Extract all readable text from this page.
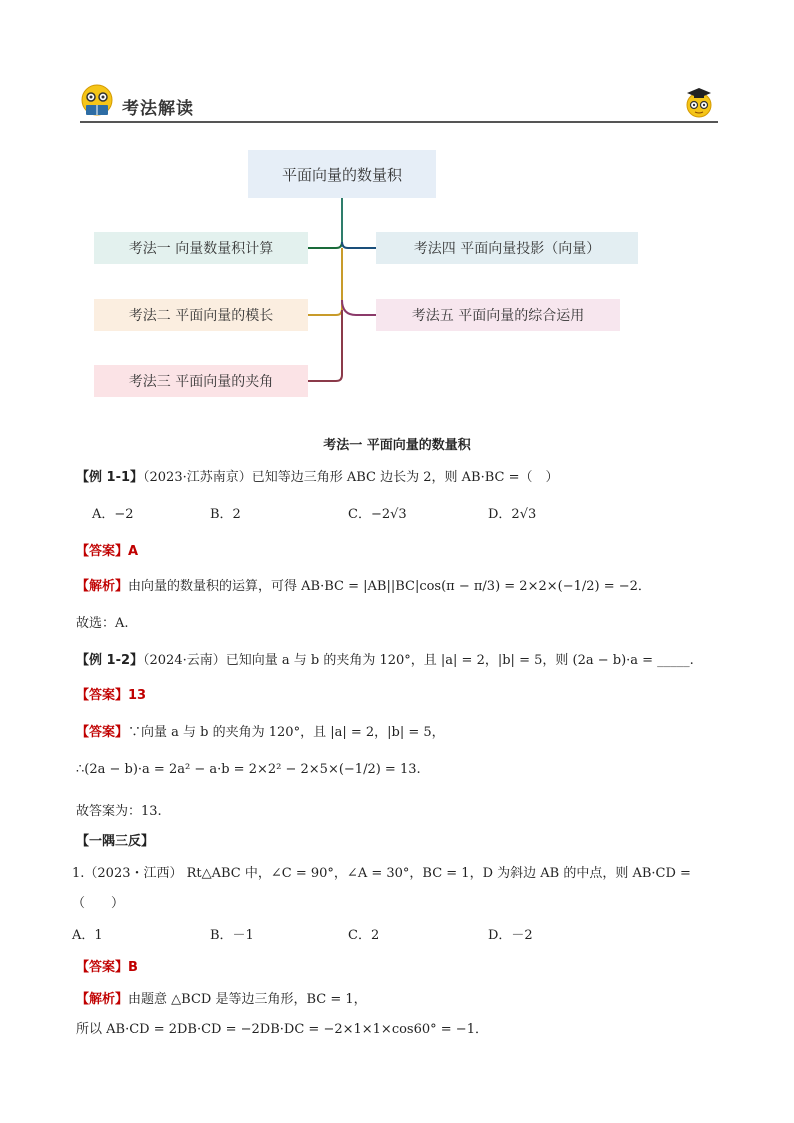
考法解读
平面向量的数量积
考法一 向量数量积计算
考法二 平面向量的模长
考法三 平面向量的夹角
考法四 平面向量投影（向量）
考法五 平面向量的综合运用
考法一 平面向量的数量积
【例 1-1】（2023·江苏南京）已知等边三角形 ABC 边长为 2，则 AB·BC =（　）
A．−2	B．2	C．−2√3	D．2√3
【答案】A
【解析】由向量的数量积的运算，可得 AB·BC = |AB||BC|cos(π − π/3) = 2×2×(−1/2) = −2．
故选：A.
【例 1-2】（2024·云南）已知向量 a 与 b 的夹角为 120°，且 |a| = 2，|b| = 5，则 (2a − b)·a = _____.
【答案】13
【答案】∵向量 a 与 b 的夹角为 120°，且 |a| = 2，|b| = 5，
∴(2a − b)·a = 2a² − a·b = 2×2² − 2×5×(−1/2) = 13.
故答案为：13.
【一隅三反】
1.（2023・江西） Rt△ABC 中，∠C = 90°，∠A = 30°，BC = 1，D 为斜边 AB 的中点，则 AB·CD =
（　　）
A．1	B．－1	C．2	D．－2
【答案】B
【解析】由题意 △BCD 是等边三角形，BC = 1，
所以 AB·CD = 2DB·CD = −2DB·DC = −2×1×1×cos60° = −1．
